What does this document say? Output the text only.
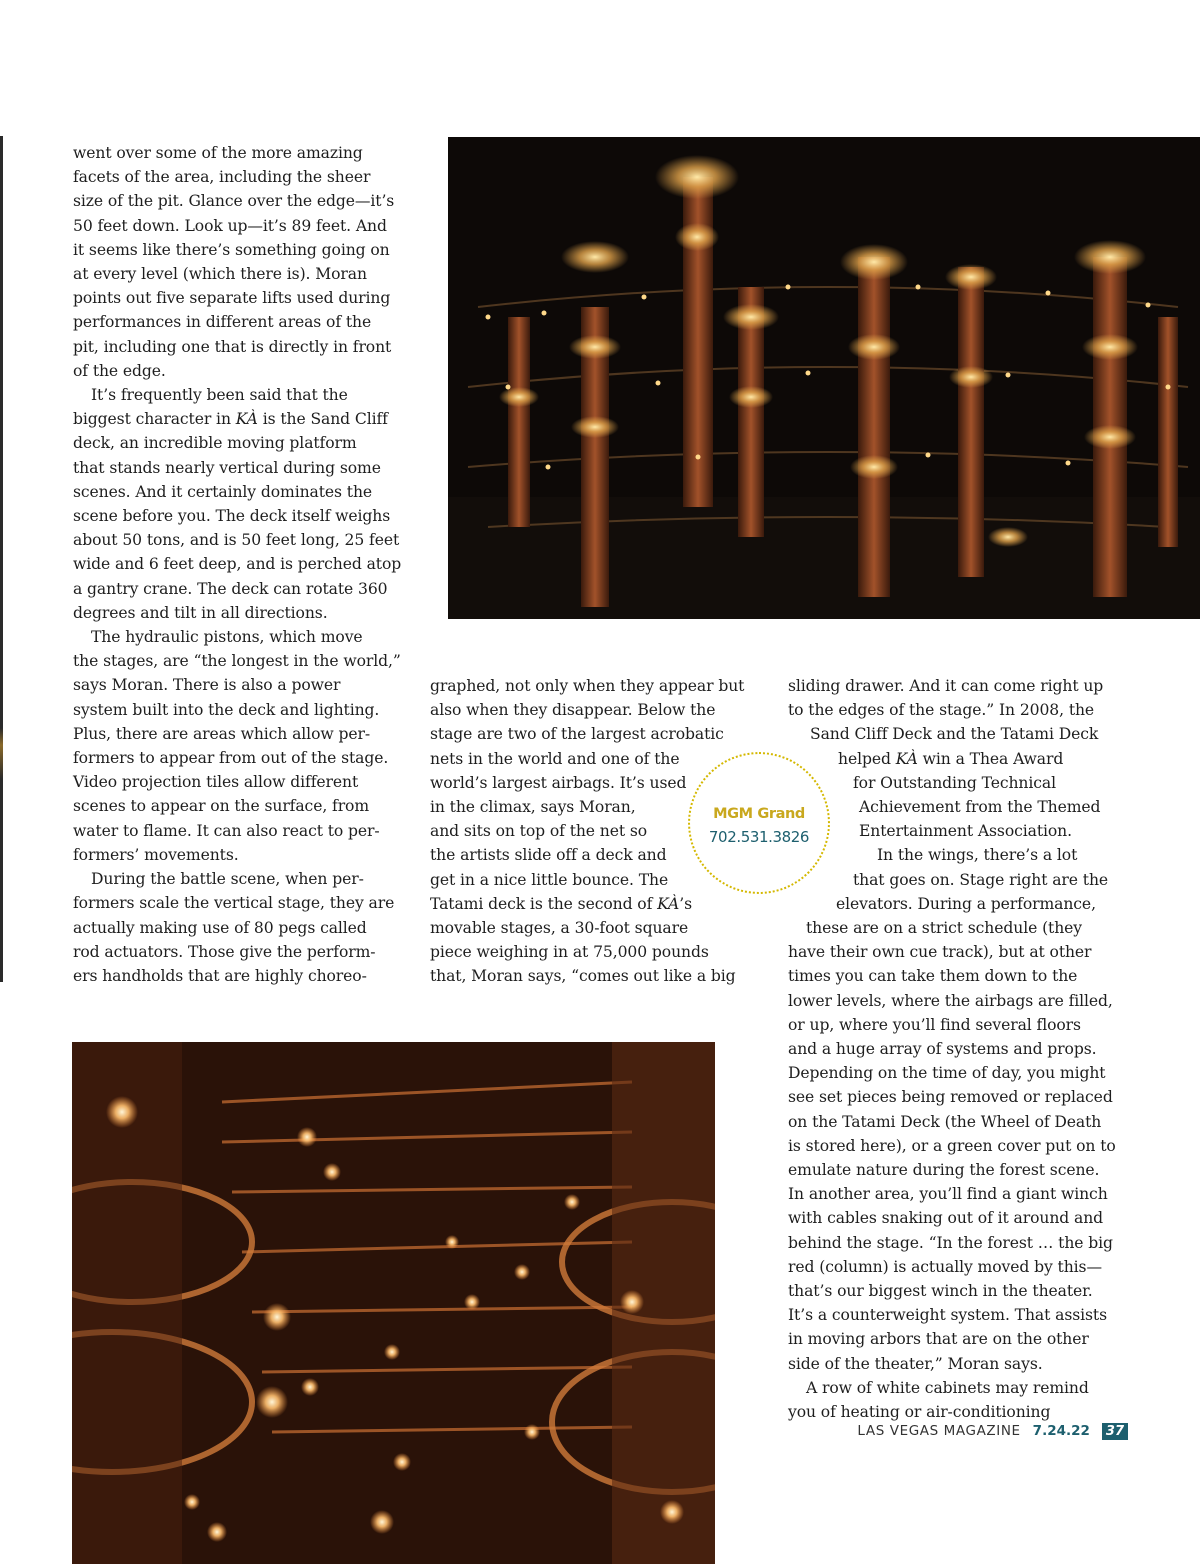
went over some of the more amazing
facets of the area, including the sheer
size of the pit. Glance over the edge—it’s
50 feet down. Look up—it’s 89 feet. And
it seems like there’s something going on
at every level (which there is). Moran
points out five separate lifts used during
performances in different areas of the
pit, including one that is directly in front
of the edge.
It’s frequently been said that the
biggest character in KÀ is the Sand Cliff
deck, an incredible moving platform
that stands nearly vertical during some
scenes. And it certainly dominates the
scene before you. The deck itself weighs
about 50 tons, and is 50 feet long, 25 feet
wide and 6 feet deep, and is perched atop
a gantry crane. The deck can rotate 360
degrees and tilt in all directions.
The hydraulic pistons, which move
the stages, are “the longest in the world,”
says Moran. There is also a power
system built into the deck and lighting.
Plus, there are areas which allow per-
formers to appear from out of the stage.
Video projection tiles allow different
scenes to appear on the surface, from
water to flame. It can also react to per-
formers’ movements.
During the battle scene, when per-
formers scale the vertical stage, they are
actually making use of 80 pegs called
rod actuators. Those give the perform-
ers handholds that are highly choreo-
graphed, not only when they appear but
also when they disappear. Below the
stage are two of the largest acrobatic
nets in the world and one of the
world’s largest airbags. It’s used
in the climax, says Moran,
and sits on top of the net so
the artists slide off a deck and
get in a nice little bounce. The
Tatami deck is the second of KÀ’s
movable stages, a 30-foot square
piece weighing in at 75,000 pounds
that, Moran says, “comes out like a big
MGM Grand
702.531.3826
sliding drawer. And it can come right up
to the edges of the stage.” In 2008, the
Sand Cliff Deck and the Tatami Deck
helped KÀ win a Thea Award
for Outstanding Technical
Achievement from the Themed
Entertainment Association.
In the wings, there’s a lot
that goes on. Stage right are the
elevators. During a performance,
these are on a strict schedule (they
have their own cue track), but at other
times you can take them down to the
lower levels, where the airbags are filled,
or up, where you’ll find several floors
and a huge array of systems and props.
Depending on the time of day, you might
see set pieces being removed or replaced
on the Tatami Deck (the Wheel of Death
is stored here), or a green cover put on to
emulate nature during the forest scene.
In another area, you’ll find a giant winch
with cables snaking out of it around and
behind the stage. “In the forest … the big
red (column) is actually moved by this—
that’s our biggest winch in the theater.
It’s a counterweight system. That assists
in moving arbors that are on the other
side of the theater,” Moran says.
A row of white cabinets may remind
you of heating or air-conditioning
LAS VEGAS MAGAZINE 7.24.22	37
